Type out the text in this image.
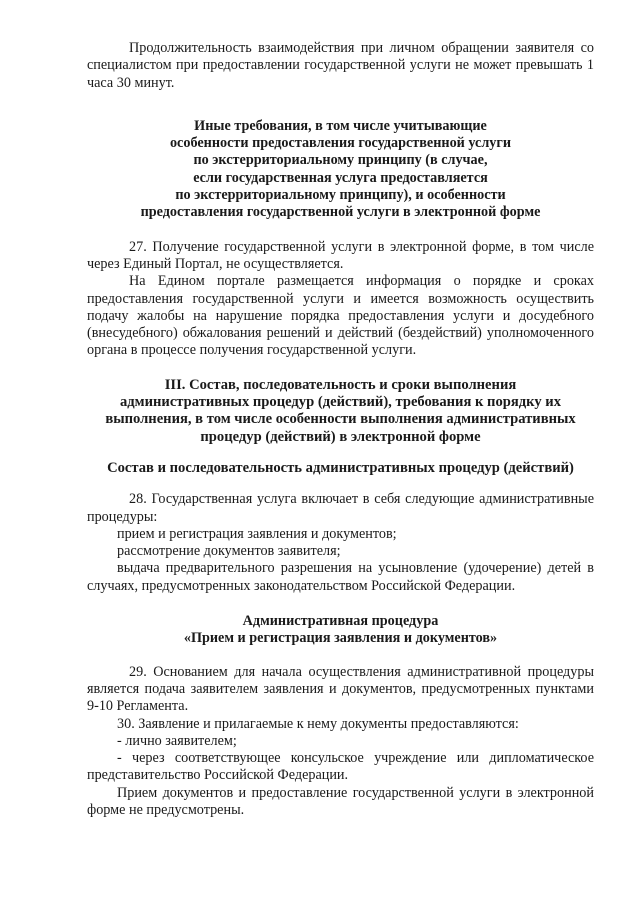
Продолжительность взаимодействия при личном обращении заявителя со специалистом при предоставлении государственной услуги не может превышать 1 часа 30 минут.

Иные требования, в том числе учитывающие
особенности предоставления государственной услуги
по экстерриториальному принципу (в случае,
если государственная услуга предоставляется
по экстерриториальному принципу), и особенности
предоставления государственной услуги в электронной форме

27. Получение государственной услуги в электронной форме, в том числе через Единый Портал, не осуществляется.

На Едином портале размещается информация о порядке и сроках предоставления государственной услуги и имеется возможность осуществить подачу жалобы на нарушение порядка предоставления услуги и досудебного (внесудебного) обжалования решений и действий (бездействий) уполномоченного органа в процессе получения государственной услуги.

III. Состав, последовательность и сроки выполнения
административных процедур (действий), требования к порядку их
выполнения, в том числе особенности выполнения административных
процедур (действий) в электронной форме
Состав и последовательность административных процедур (действий)

28. Государственная услуга включает в себя следующие административные процедуры:

прием и регистрация заявления и документов;

рассмотрение документов заявителя;

выдача предварительного разрешения на усыновление (удочерение) детей в случаях, предусмотренных законодательством Российской Федерации.

Административная процедура
«Прием и регистрация заявления и документов»

29. Основанием для начала осуществления административной процедуры является подача заявителем заявления и документов, предусмотренных пунктами 9-10 Регламента.

30. Заявление и прилагаемые к нему документы предоставляются:

- лично заявителем;

- через соответствующее консульское учреждение или дипломатическое представительство Российской Федерации.

Прием документов и предоставление государственной услуги в электронной форме не предусмотрены.
